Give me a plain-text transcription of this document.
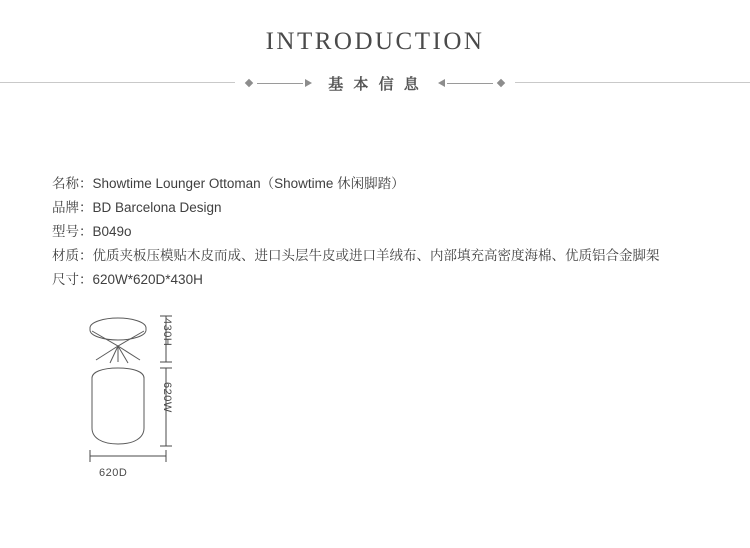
INTRODUCTION
基 本 信 息
名称：Showtime Lounger Ottoman（Showtime 休闲脚踏）
品牌：BD Barcelona Design
型号：B049o
材质：优质夹板压模贴木皮而成、进口头层牛皮或进口羊绒布、内部填充高密度海棉、优质铝合金脚架
尺寸：620W*620D*430H
430H
620W
620D
